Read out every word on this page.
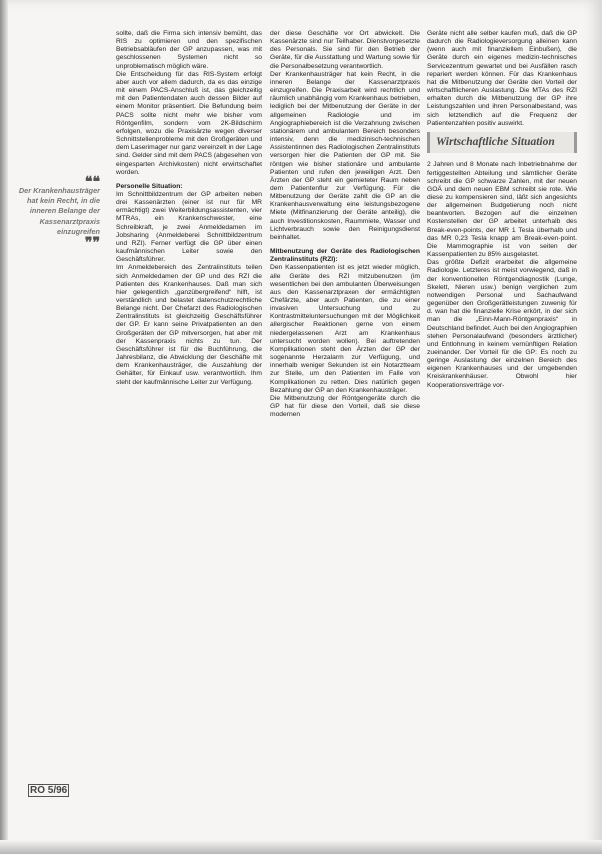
❝❝
Der Krankenhausträger hat kein Recht, in die inneren Belange der Kassenarztpraxis einzugreifen
❞❞

sollte, daß die Firma sich intensiv bemüht, das RIS zu optimieren und den spezifischen Betriebsabläufen der GP anzupassen, was mit geschlossenen Systemen nicht so unproblematisch möglich wäre.

Die Entscheidung für das RIS-System erfolgt aber auch vor allem dadurch, da es das einzige mit einem PACS-Anschluß ist, das gleichzeitig mit den Patientendaten auch dessen Bilder auf einem Monitor präsentiert. Die Befundung beim PACS sollte nicht mehr wie bisher vom Röntgenfilm, sondern vom 2K-Bildschirm erfolgen, wozu die Praxisärzte wegen diverser Schnittstellenprobleme mit den Großgeräten und dem Laserimager nur ganz vereinzelt in der Lage sind. Gelder sind mit dem PACS (abgesehen von eingesparten Archivkosten) nicht erwirtschaftet worden.

Personelle Situation:

Im Schnittbildzentrum der GP arbeiten neben drei Kassenärzten (einer ist nur für MR ermächtigt) zwei Weiterbildungsassistenten, vier MTRAs, ein Krankenschwester, eine Schreibkraft, je zwei Anmeldedamen im Jobsharing (Anmeldeberei Schnittbildzentrum und RZI). Ferner verfügt die GP über einen kaufmännischen Leiter sowie den Geschäftsführer.

Im Anmeldebereich des Zentralinstituts teilen sich Anmeldedamen der GP und des RZI die Patienten des Krankenhauses. Daß man sich hier gelegentlich „ganzübergreifend“ hilft, ist verständlich und belastet datenschutzrechtliche Belange nicht. Der Chefarzt des Radiologischen Zentralinstituts ist gleichzeitig Geschäftsführer der GP. Er kann seine Privatpatienten an den Großgeräten der GP mitversorgen, hat aber mit der Kassenpraxis nichts zu tun. Der Geschäftsführer ist für die Buchführung, die Jahresbilanz, die Abwicklung der Geschäfte mit dem Krankenhausträger, die Auszahlung der Gehälter, für Einkauf usw. verantwortlich. Ihm steht der kaufmännische Leiter zur Verfügung.

der diese Geschäfte vor Ort abwickelt. Die Kassenärzte sind nur Teilhaber. Dienstvorgesetzte des Personals. Sie sind für den Betrieb der Geräte, für die Ausstattung und Wartung sowie für die Personalbesetzung verantwortlich.

Der Krankenhausträger hat kein Recht, in die inneren Belange der Kassenarztpraxis einzugreifen. Die Praxisarbeit wird rechtlich und räumlich unabhängig vom Krankenhaus betrieben, lediglich bei der Mitbenutzung der Geräte in der allgemeinen Radiologie und im Angiographiebereich ist die Verzahnung zwischen stationärem und ambulantem Bereich besonders intensiv, denn die medizinisch-technischen Assistentinnen des Radiologischen Zentralinstituts versorgen hier die Patienten der GP mit. Sie röntgen wie bisher stationäre und ambulante Patienten und rufen den jeweiligen Arzt. Den Ärzten der GP steht ein gemieteter Raum neben dem Patientenflur zur Verfügung. Für die Mitbenutzung der Geräte zahlt die GP an die Krankenhausverwaltung eine leistungsbezogene Miete (Mitfinanzierung der Geräte anteilig), die auch Investitionskosten, Raummiete, Wasser und Lichtverbrauch sowie den Reinigungsdienst beinhaltet.

Mitbenutzung der Geräte des Radiologischen Zentralinstituts (RZI):

Den Kassenpatienten ist es jetzt wieder möglich, alle Geräte des RZI mitzubenutzen (im wesentlichen bei den ambulanten Überweisungen aus den Kassenarztpraxen der ermächtigten Chefärzte, aber auch Patienten, die zu einer invasiven Untersuchung und zu Kontrastmitteluntersuchungen mit der Möglichkeit allergischer Reaktionen gerne von einem niedergelassenen Arzt am Krankenhaus untersucht worden wollen). Bei auftretenden Komplikationen steht den Ärzten der GP der sogenannte Herzalarm zur Verfügung, und innerhalb weniger Sekunden ist ein Notarztteam zur Stelle, um den Patienten im Falle von Komplikationen zu retten. Dies natürlich gegen Bezahlung der GP an den Krankenhausträger.

Die Mitbenutzung der Röntgengeräte durch die GP hat für diese den Vorteil, daß sie diese modernen

Geräte nicht alle selber kaufen muß, daß die GP dadurch die Radiologieversorgung alleinen kann (wenn auch mit finanziellem Einbußen), die Geräte durch ein eigenes medizin-technisches Servicezentrum gewartet und bei Ausfällen rasch repariert werden können. Für das Krankenhaus hat die Mitbenutzung der Geräte den Vorteil der wirtschaftlicheren Auslastung. Die MTAs des RZI erhalten durch die Mitbenutzung der GP ihre Leistungszahlen und ihren Personalbestand, was sich letztendlich auf die Frequenz der Patientenzahlen positiv auswirkt.

Wirtschaftliche Situation

2 Jahren und 8 Monate nach Inbetriebnahme der fertiggestellten Abteilung und sämtlicher Geräte schreibt die GP schwarze Zahlen, mit der neuen GOÄ und dem neuen EBM schreibt sie rote. Wie diese zu kompensieren sind, läßt sich angesichts der allgemeinen Budgetierung noch nicht beantworten. Bezogen auf die einzelnen Kostenstellen der GP arbeitet unterhalb des Break-even-points, der MR 1 Tesla überhalb und das MR 0,23 Tesla knapp am Break-even-point. Die Mammographie ist von seiten der Kassenpatienten zu 85% ausgelastet.

Das größte Defizit erarbeitet die allgemeine Radiologie. Letzteres ist meist vorwiegend, daß in der konventionellen Röntgendiagnostik (Lunge, Skelett, Nieren usw.) benign verglichen zum notwendigen Personal und Sachaufwand gegenüber den Großgerätleistungen zuwenig für d. wan hat die finanzielle Krise erkört, in der sich man die „Einn-Mann-Röntgenpraxis“ in Deutschland befindet. Auch bei den Angiographien stehen Personalaufwand (besonders ärztlicher) und Entlohnung in keinem vernünftigen Relation zueinander. Der Vorteil für die GP: Es noch zu geringe Auslastung der einzelnen Bereich des eigenen Krankenhauses und der umgebenden Kreiskrankenhäuser. Obwohl hier Kooperationsverträge vor-

RÖ 5/96
